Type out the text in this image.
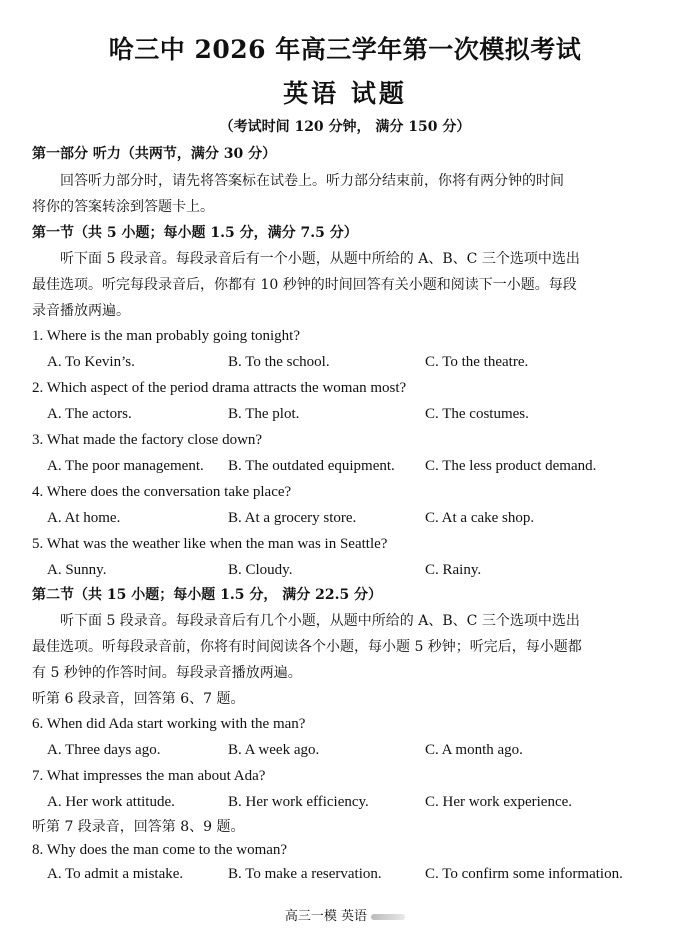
哈三中 2026 年高三学年第一次模拟考试
英语 试题
（考试时间 120 分钟， 满分 150 分）
第一部分 听力（共两节，满分 30 分）
回答听力部分时，请先将答案标在试卷上。听力部分结束前，你将有两分钟的时间
将你的答案转涂到答题卡上。
第一节（共 5 小题；每小题 1.5 分，满分 7.5 分）
听下面 5 段录音。每段录音后有一个小题，从题中所给的 A、B、C 三个选项中选出
最佳选项。听完每段录音后，你都有 10 秒钟的时间回答有关小题和阅读下一小题。每段
录音播放两遍。
1. Where is the man probably going tonight?
A. To Kevin’s.	B. To the school.	C. To the theatre.
2. Which aspect of the period drama attracts the woman most?
A. The actors.	B. The plot.	C. The costumes.
3. What made the factory close down?
A. The poor management. B. The outdated equipment. C. The less product demand.
4. Where does the conversation take place?
A. At home.	B. At a grocery store.	C. At a cake shop.
5. What was the weather like when the man was in Seattle?
A. Sunny.	B. Cloudy.	C. Rainy.
第二节（共 15 小题；每小题 1.5 分， 满分 22.5 分）
听下面 5 段录音。每段录音后有几个小题，从题中所给的 A、B、C 三个选项中选出
最佳选项。听每段录音前，你将有时间阅读各个小题，每小题 5 秒钟；听完后，每小题都
有 5 秒钟的作答时间。每段录音播放两遍。
听第 6 段录音，回答第 6、7 题。
6. When did Ada start working with the man?
A. Three days ago.	B. A week ago.	C. A month ago.
7. What impresses the man about Ada?
A. Her work attitude.	B. Her work efficiency.	C. Her work experience.
听第 7 段录音，回答第 8、9 题。
8. Why does the man come to the woman?
A. To admit a mistake.	B. To make a reservation.	C. To confirm some information.
高三一模 英语
